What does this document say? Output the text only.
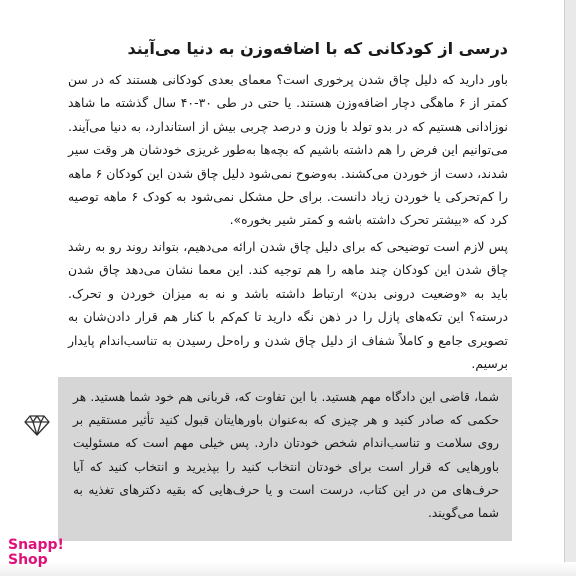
درسی از کودکانی که با اضافه‌وزن به دنیا می‌آیند

باور دارید که دلیل چاق شدن پرخوری است؟ معمای بعدی کودکانی هستند که در سن کمتر از ۶ ماهگی دچار اضافه‌وزن هستند. یا حتی در طی ۳۰-۴۰ سال گذشته ما شاهد نوزادانی هستیم که در بدو تولد با وزن و درصد چربی بیش از استاندارد، به دنیا می‌آیند. می‌توانیم این فرض را هم داشته باشیم که بچه‌ها به‌طور غریزی خودشان هر وقت سیر شدند، دست از خوردن می‌کشند. به‌وضوح نمی‌شود دلیل چاق شدن این کودکان ۶ ماهه را کم‌تحرکی یا خوردن زیاد دانست. برای حل مشکل نمی‌شود به کودک ۶ ماهه توصیه کرد که «بیشتر تحرک داشته باشه و کمتر شیر بخوره».

پس لازم است توضیحی که برای دلیل چاق شدن ارائه می‌دهیم، بتواند روند رو به رشد چاق شدن این کودکان چند ماهه را هم توجیه کند. این معما نشان می‌دهد چاق شدن باید به «وضعیت درونی بدن» ارتباط داشته باشد و نه به میزان خوردن و تحرک. درسته؟ این تکه‌های پازل را در ذهن نگه دارید تا کم‌کم با کنار هم قرار دادن‌شان به تصویری جامع و کاملاً شفاف از دلیل چاق شدن و راه‌حل رسیدن به تناسب‌اندام پایدار برسیم.

شما، قاضی این دادگاه مهم هستید. با این تفاوت که، قربانی هم خود شما هستید. هر حکمی که صادر کنید و هر چیزی که به‌عنوان باورهایتان قبول کنید تأثیر مستقیم بر روی سلامت و تناسب‌اندام شخص خودتان دارد. پس خیلی مهم است که مسئولیت باورهایی که قرار است برای خودتان انتخاب کنید را بپذیرید و انتخاب کنید که آیا حرف‌های من در این کتاب، درست است و یا حرف‌هایی که بقیه دکترهای تغذیه به شما می‌گویند.

Snapp!
Shop
